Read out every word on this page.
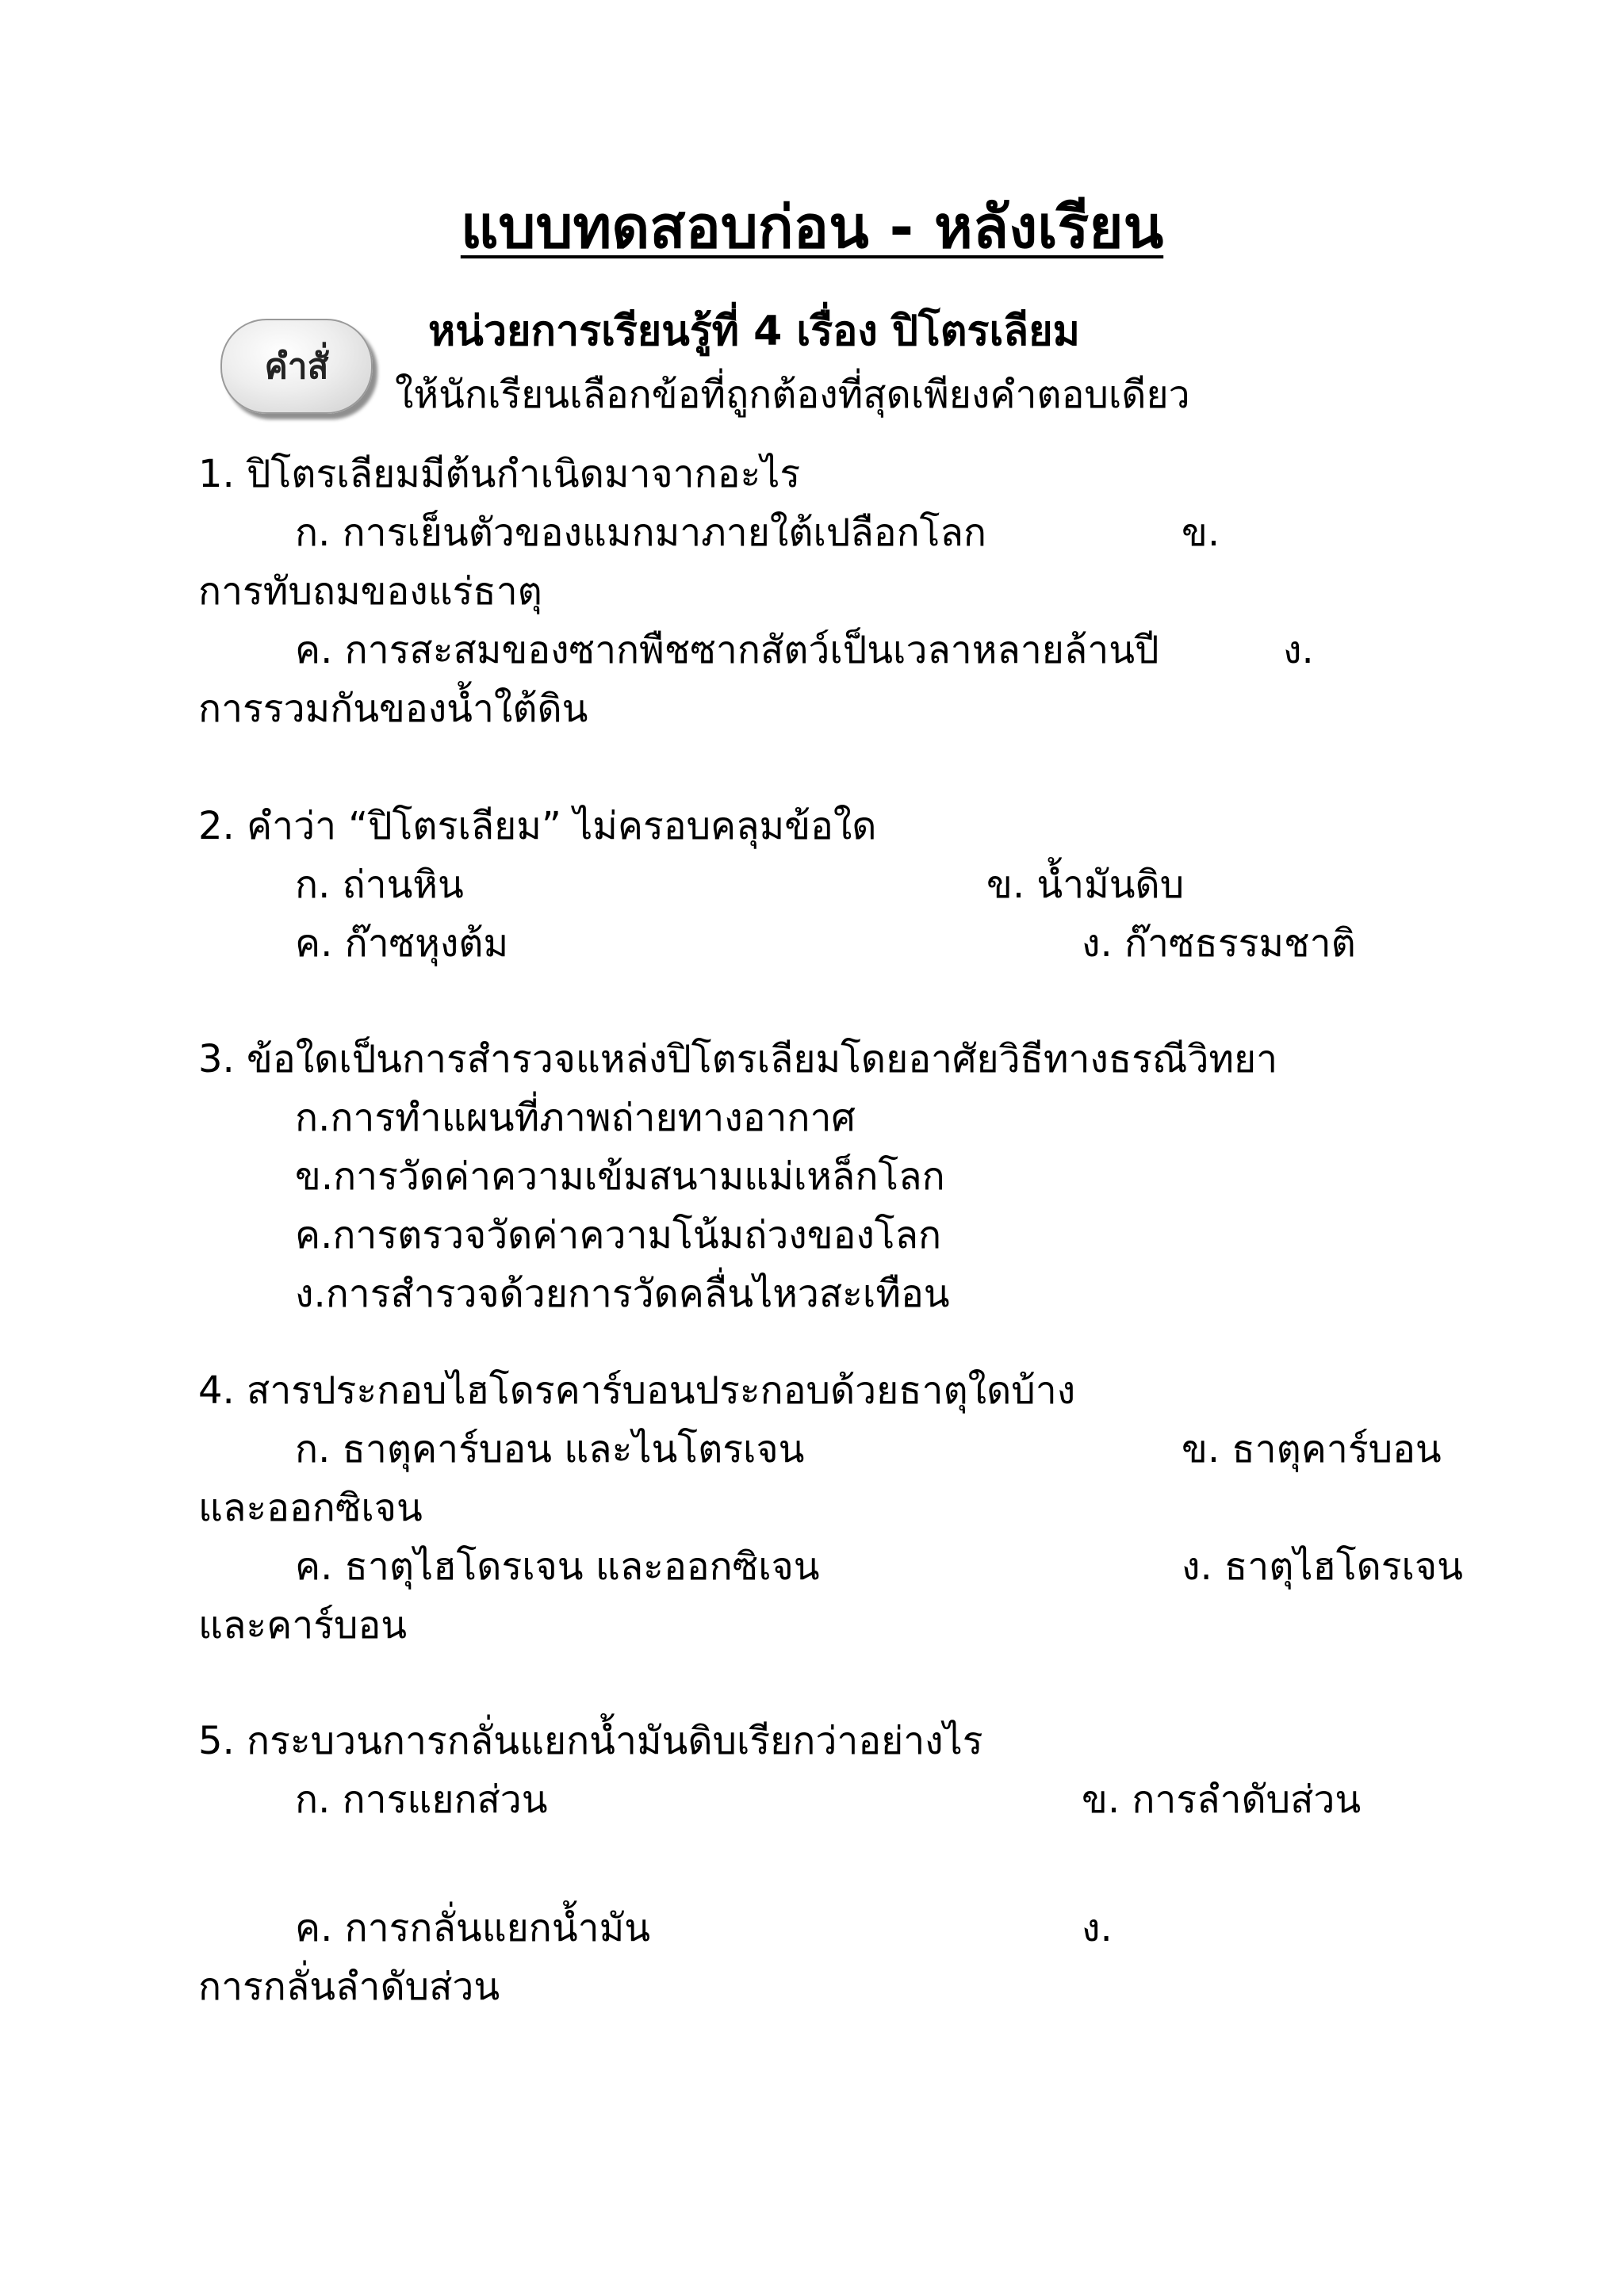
แบบทดสอบก่อน - หลังเรียน
คำสั่
หน่วยการเรียนรู้ที่ 4 เรื่อง ปิโตรเลียม
ให้นักเรียนเลือกข้อที่ถูกต้องที่สุดเพียงคำตอบเดียว
1. ปิโตรเลียมมีต้นกำเนิดมาจากอะไร
ก. การเย็นตัวของแมกมาภายใต้เปลือกโลก	ข.
การทับถมของแร่ธาตุ
ค. การสะสมของซากพืชซากสัตว์เป็นเวลาหลายล้านปี	ง.
การรวมกันของน้ำใต้ดิน
2. คำว่า “ปิโตรเลียม” ไม่ครอบคลุมข้อใด
ก. ถ่านหิน	ข. น้ำมันดิบ
ค. ก๊าซหุงต้ม	ง. ก๊าซธรรมชาติ
3. ข้อใดเป็นการสำรวจแหล่งปิโตรเลียมโดยอาศัยวิธีทางธรณีวิทยา
ก.การทำแผนที่ภาพถ่ายทางอากาศ
ข.การวัดค่าความเข้มสนามแม่เหล็กโลก
ค.การตรวจวัดค่าความโน้มถ่วงของโลก
ง.การสำรวจด้วยการวัดคลื่นไหวสะเทือน
4. สารประกอบไฮโดรคาร์บอนประกอบด้วยธาตุใดบ้าง
ก. ธาตุคาร์บอน และไนโตรเจน	ข. ธาตุคาร์บอน
และออกซิเจน
ค. ธาตุไฮโดรเจน และออกซิเจน	ง. ธาตุไฮโดรเจน
และคาร์บอน
5. กระบวนการกลั่นแยกน้ำมันดิบเรียกว่าอย่างไร
ก. การแยกส่วน	ข. การลำดับส่วน
ค. การกลั่นแยกน้ำมัน	ง.
การกลั่นลำดับส่วน
